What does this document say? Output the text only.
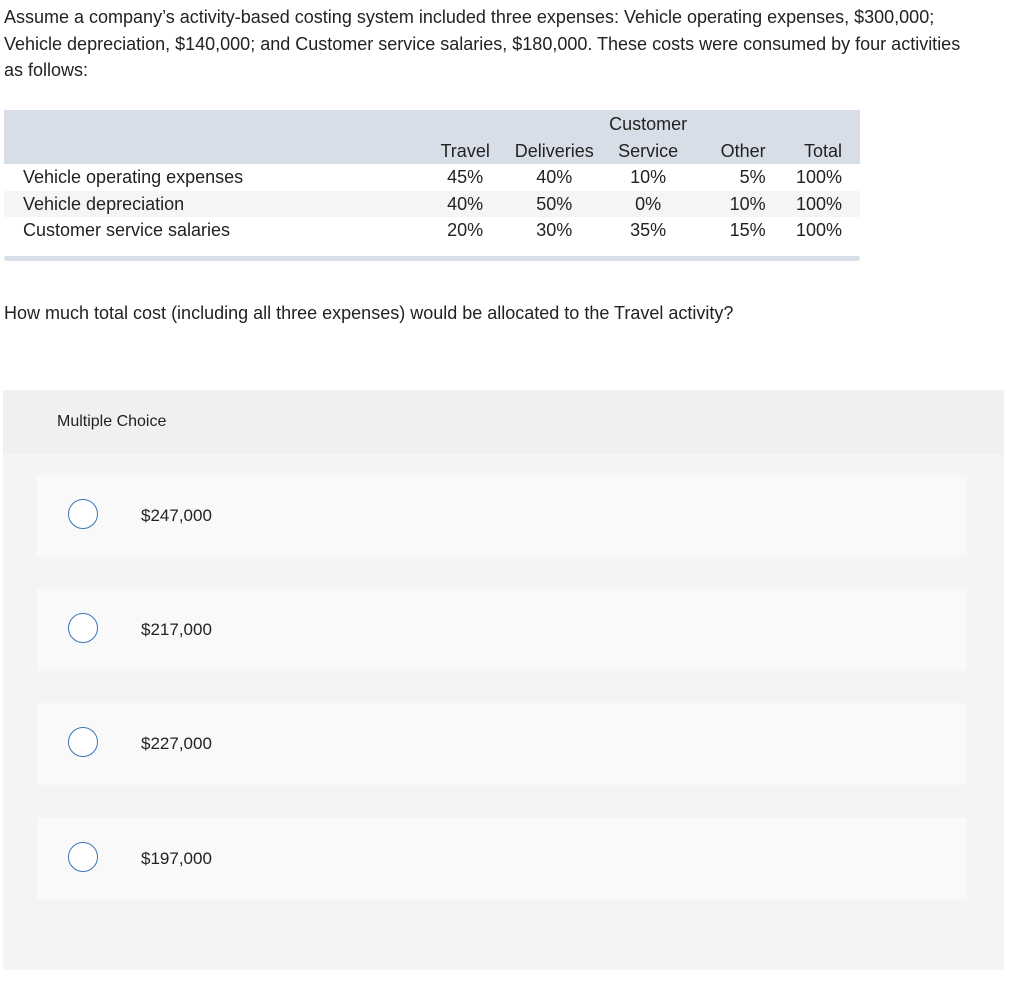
Assume a company’s activity-based costing system included three expenses: Vehicle operating expenses, $300,000; Vehicle depreciation, $140,000; and Customer service salaries, $180,000. These costs were consumed by four activities as follows:
			Customer		
	Travel	Deliveries	Service	Other	Total
Vehicle operating expenses	45%	40%	10%	5%	100%
Vehicle depreciation	40%	50%	0%	10%	100%
Customer service salaries	20%	30%	35%	15%	100%
How much total cost (including all three expenses) would be allocated to the Travel activity?
Multiple Choice
$247,000
$217,000
$227,000
$197,000
